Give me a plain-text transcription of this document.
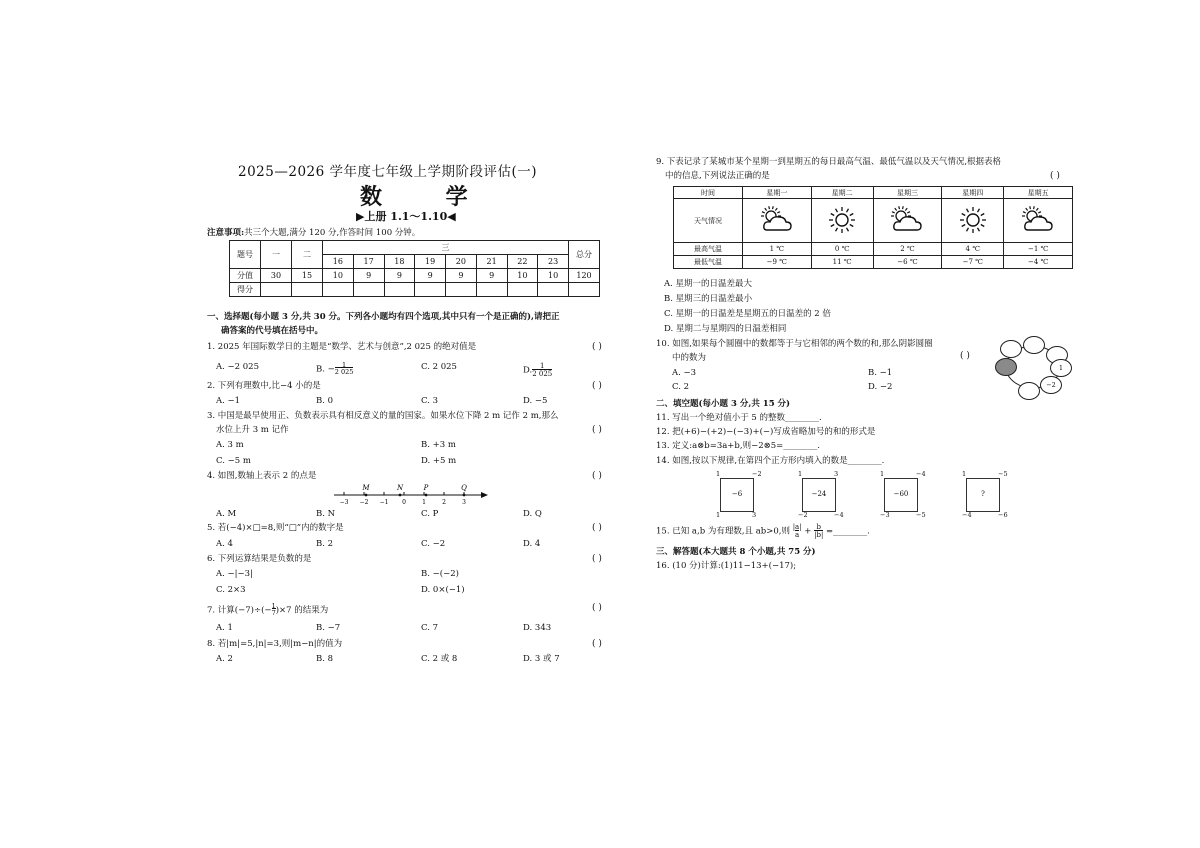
2025—2026 学年度七年级上学期阶段评估(一)
数 学
▶上册 1.1～1.10◀
注意事项:共三个大题,满分 120 分,作答时间 100 分钟。
题号	一	二	三								总分
			16	17	18	19	20	21	22	23	
分值	30	15	10	9	9	9	9	9	10	10	120
得分											
一、选择题(每小题 3 分,共 30 分。下列各小题均有四个选项,其中只有一个是正确的),请把正
确答案的代号填在括号中。
1. 2025 年国际数学日的主题是“数学、艺术与创意”,2 025 的绝对值是	( )
A. −2 025	B. $-\frac{1}{2 025}$	C. 2 025	$D.\frac{1}{2 025}$
2. 下列有理数中,比−4 小的是	( )
A. −1	B. 0	C. 3	D. −5
3. 中国是最早使用正、负数表示具有相反意义的量的国家。如果水位下降 2 m 记作 2 m,那么
水位上升 3 m 记作	( )
A. 3 m	B. +3 m
C. −5 m	D. +5 m
4. 如图,数轴上表示 2 的点是	( )
−3 −2 −1 0	1	2	3
M	N	P	Q
A. M	B. N	C. P	D. Q
5. 若(−4)×□=8,则“□”内的数字是	( )
A. 4	B. 2	C. −2	D. 4
6. 下列运算结果是负数的是	( )
A. −|−3|	B. −(−2)
C. 2×3	D. 0×(−1)
7. 计算$(-7)\div(-\frac{1}{7})\times 7$ 的结果为	( )
A. 1	B. −7	C. 7	D. 343
8. 若|m|=5,|n|=3,则|m−n|的值为	( )
A. 2	B. 8	C. 2 或 8	D. 3 或 7
9. 下表记录了某城市某个星期一到星期五的每日最高气温、最低气温以及天气情况,根据表格
中的信息,下列说法正确的是	( )
时间	星期一	星期二	星期三	星期四	星期五
天气情况					
最高气温	1 ℃	0 ℃	2 ℃	4 ℃	−1 ℃
最低气温	−9 ℃	11 ℃	−6 ℃	−7 ℃	−4 ℃
A. 星期一的日温差最大
B. 星期三的日温差最小
C. 星期一的日温差是星期五的日温差的 2 倍
D. 星期二与星期四的日温差相同
10. 如图,如果每个圆圈中的数都等于与它相邻的两个数的和,那么阴影圆圈
中的数为	( )
A. −3	B. −1
C. 2	D. −2
1
−2
二、填空题(每小题 3 分,共 15 分)
11. 写出一个绝对值小于 5 的整数________.
12. 把(+6)−(+2)−(−3)+(−)写成省略加号的和的形式是
13. 定义:a⊗b=3a+b,则−2⊗5=________.
14. 如图,按以下规律,在第四个正方形内填入的数是________.
−6
1	−2
1	3
−24
1	3
−2	−4
−60
1	−4
−3	−5
?
1	−5
−4	−6
15. 已知 a,b 为有理数,且 ab>0,则 $\frac{|a|}{a} + \frac{b}{|b|}$ =________.
三、解答题(本大题共 8 个小题,共 75 分)
16. (10 分)计算:(1)11−13+(−17);
